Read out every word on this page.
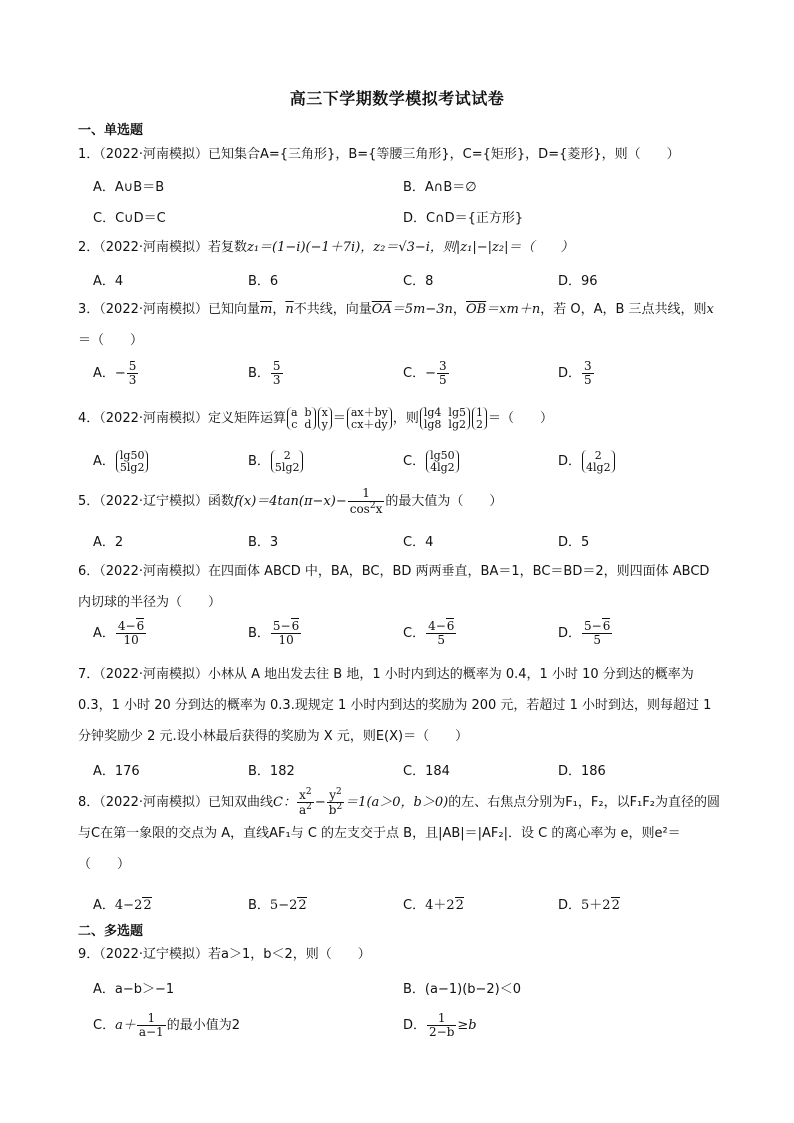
高三下学期数学模拟考试试卷
一、单选题
1．（2022·河南模拟）已知集合A={三角形}，B={等腰三角形}，C={矩形}，D={菱形}，则（　　）
A．A∪B＝B	B．A∩B＝∅
C．C∪D＝C	D．C∩D＝{正方形}
2．（2022·河南模拟）若复数z₁＝(1−i)(−1＋7i)，z₂＝√3−i，则|z₁|−|z₂|＝（　　）
A．4	B．6	C．8	D．96
3．（2022·河南模拟）已知向量$\overline{m}$，$\overline{n}$不共线，向量$\overline{OA}=5m-3n$，$\overline{OB}=xm+n$，若 O，A，B 三点共线，则x＝（　　）
A．− $\frac{5}{3}$	B． $\frac{5}{3}$	C．− $\frac{3}{5}$	D． $\frac{3}{5}$
4．（2022·河南模拟）定义矩阵运算 a  b
c  d
x
y ＝ ax＋by
cx＋dy ，则 lg4  lg5
lg8  lg2
1
2 ＝（　　）
A． lg50
5lg2	B．	2
5lg2	C． lg50
4lg2	D．	2
4lg2
5．（2022·辽宁模拟）函数$f(x)=4\tan(\pi-x)- \frac{1}{\cos^2x}$ 的最大值为（　　）
A．2	B．3	C．4	D．5
6．（2022·河南模拟）在四面体 ABCD 中，BA，BC，BD 两两垂直，BA＝1，BC＝BD＝2，则四面体 ABCD 内切球的半径为（　　）
A． $\frac{4-6}{10}$	B． $\frac{5-6}{10}$	C． $\frac{4-6}{5}$	D． $\frac{5-6}{5}$
7．（2022·河南模拟）小林从 A 地出发去往 B 地，1 小时内到达的概率为 0.4，1 小时 10 分到达的概率为 0.3，1 小时 20 分到达的概率为 0.3.现规定 1 小时内到达的奖励为 200 元，若超过 1 小时到达，则每超过 1 分钟奖励少 2 元.设小林最后获得的奖励为 X 元，则E(X)＝（　　）
A．176	B．182	C．184	D．186
8．（2022·河南模拟）已知双曲线C： $\frac{x^2}{a^2} - \frac{y^2}{b^2} =1(a>0$，b＞0)的左、右焦点分别为F₁，F₂，以F₁F₂为直径的圆与C在第一象限的交点为 A，直线AF₁与 C 的左支交于点 B，且|AB|＝|AF₂|．设 C 的离心率为 e，则e²＝（　　）
A．4−22	B．5−22	C．4＋22	D．5＋22
二、多选题
9．（2022·辽宁模拟）若a＞1，b＜2，则（　　）
A．a−b＞−1	B．(a−1)(b−2)＜0
C．$a+ \frac{1}{a-1}$ 的最小值为2	D． $\frac{1}{2-b} \ge b$
